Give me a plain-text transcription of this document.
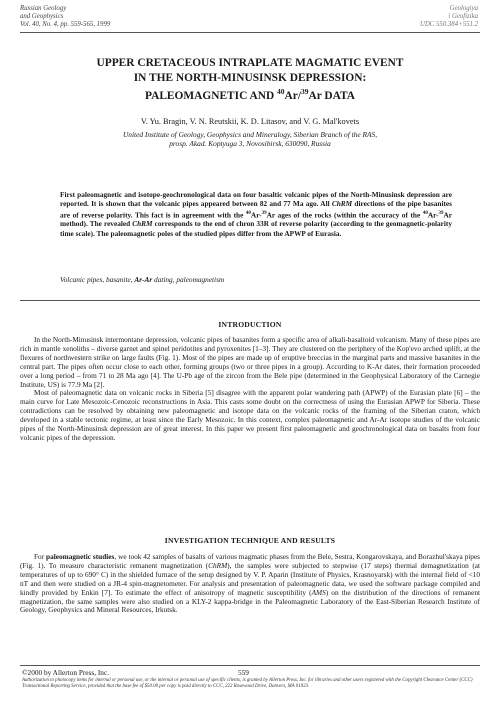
Russian Geology
and Geophysics
Vol. 40, No. 4, pp. 559-565, 1999
Geologiya
i Geofizika
UDC 550.384+551.2
UPPER CRETACEOUS INTRAPLATE MAGMATIC EVENT
IN THE NORTH-MINUSINSK DEPRESSION:
PALEOMAGNETIC AND $^{40}$Ar/$^{39}$Ar DATA
V. Yu. Bragin, V. N. Reutskii, K. D. Litasov, and V. G. Mal'kovets
United Institute of Geology, Geophysics and Mineralogy, Siberian Branch of the RAS,
prosp. Akad. Koptyuga 3, Novosibirsk, 630090, Russia
First paleomagnetic and isotope-geochronological data on four basaltic volcanic pipes of the North-Minusinsk depression are reported. It is shown that the volcanic pipes appeared between 82 and 77 Ma ago. All ChRM directions of the pipe basanites are of reverse polarity. This fact is in agreement with the $^{40}$Ar-$^{39}$Ar ages of the rocks (within the accuracy of the $^{40}$Ar-$^{39}$Ar method). The revealed ChRM corresponds to the end of chron 33R of reverse polarity (according to the geomagnetic-polarity time scale). The paleomagnetic poles of the studied pipes differ from the APWP of Eurasia.
Volcanic pipes, basanite, Ar-Ar dating, paleomagnetism
INTRODUCTION

In the North-Minusinsk intermontane depression, volcanic pipes of basanites form a specific area of alkali-basaltoid volcanism. Many of these pipes are rich in mantle xenoliths – diverse garnet and spinel peridotites and pyroxenites [1–3]. They are clustered on the periphery of the Kop'evo arched uplift, at the flexures of northwestern strike on large faults (Fig. 1). Most of the pipes are made up of eruptive breccias in the marginal parts and massive basanites in the central part. The pipes often occur close to each other, forming groups (two or three pipes in a group). According to K-Ar dates, their formation proceeded over a long period – from 71 to 28 Ma ago [4]. The U-Pb age of the zircon from the Bele pipe (determined in the Geophysical Laboratory of the Carnegie Institute, US) is 77.9 Ma [2].

Most of paleomagnetic data on volcanic rocks in Siberia [5] disagree with the apparent polar wandering path (APWP) of the Eurasian plate [6] – the main curve for Late Mesozoic-Cenozoic reconstructions in Asia. This casts some doubt on the correctness of using the Eurasian APWP for Siberia. These contradictions can be resolved by obtaining new paleomagnetic and isotope data on the volcanic rocks of the framing of the Siberian craton, which developed in a stable tectonic regime, at least since the Early Mesozoic. In this context, complex paleomagnetic and Ar-Ar isotope studies of the volcanic pipes of the North-Minusinsk depression are of great interest. In this paper we present first paleomagnetic and geochronological data on basalts from four volcanic pipes of the depression.

INVESTIGATION TECHNIQUE AND RESULTS

For paleomagnetic studies, we took 42 samples of basalts of various magmatic phases from the Bele, Sestra, Kongarovskaya, and Borazhul'skaya pipes (Fig. 1). To measure characteristic remanent magnetization (ChRM), the samples were subjected to stepwise (17 steps) thermal demagnetization (at temperatures of up to 690° C) in the shielded furnace of the setup designed by V. P. Aparin (Institute of Physics, Krasnoyarsk) with the internal field of <10 nT and then were studied on a JR-4 spin-magnetometer. For analysis and presentation of paleomagnetic data, we used the software package compiled and kindly provided by Enkin [7]. To estimate the effect of anisotropy of magnetic susceptibility (AMS) on the distribution of the directions of remanent magnetization, the same samples were also studied on a KLY-2 kappa-bridge in the Paleomagnetic Laboratory of the East-Siberian Research Institute of Geology, Geophysics and Mineral Resources, Irkutsk.

©2000 by Allerton Press, Inc.	559
Authorization to photocopy items for internal or personal use, or the internal or personal use of specific clients, is granted by Allerton Press, Inc. for libraries and other users registered with the Copyright Clearance Center (CCC) Transactional Reporting Service, provided that the base fee of $50.00 per copy is paid directly to CCC, 222 Rosewood Drive, Danvers, MA 01923.
